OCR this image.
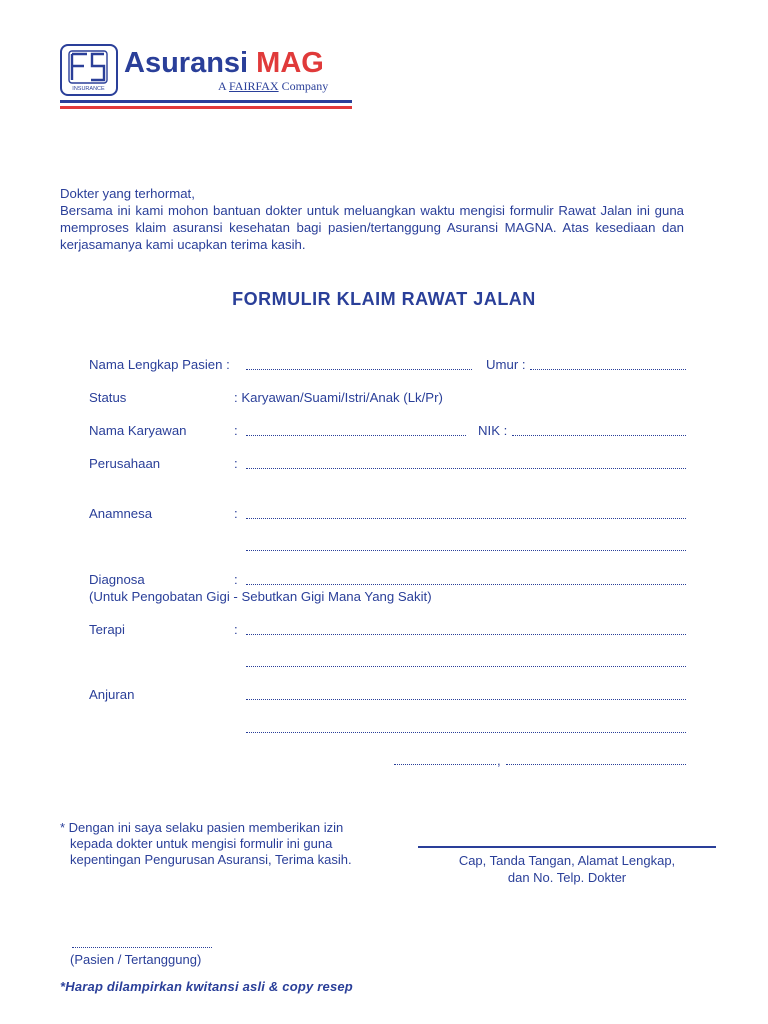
INSURANCE
Asuransi MAG
A FAIRFAX Company

Dokter yang terhormat,

Bersama ini kami mohon bantuan dokter untuk meluangkan waktu mengisi formulir Rawat Jalan ini guna memproses klaim asuransi kesehatan bagi pasien/tertanggung Asuransi MAGNA. Atas kesediaan dan kerjasamanya kami ucapkan terima kasih.

FORMULIR KLAIM RAWAT JALAN
Nama Lengkap Pasien :	Umur :
Status	: Karyawan/Suami/Istri/Anak (Lk/Pr)
Nama Karyawan	:	NIK :
Perusahaan	:
Anamnesa	:
Diagnosa	:
(Untuk Pengobatan Gigi - Sebutkan Gigi Mana Yang Sakit)
Terapi	:
Anjuran
,

* Dengan ini saya selaku pasien memberikan izin

kepada dokter untuk mengisi formulir ini guna

kepentingan Pengurusan Asuransi, Terima kasih.	Cap, Tanda Tangan, Alamat Lengkap,
dan No. Telp. Dokter
(Pasien / Tertanggung)
*Harap dilampirkan kwitansi asli & copy resep
